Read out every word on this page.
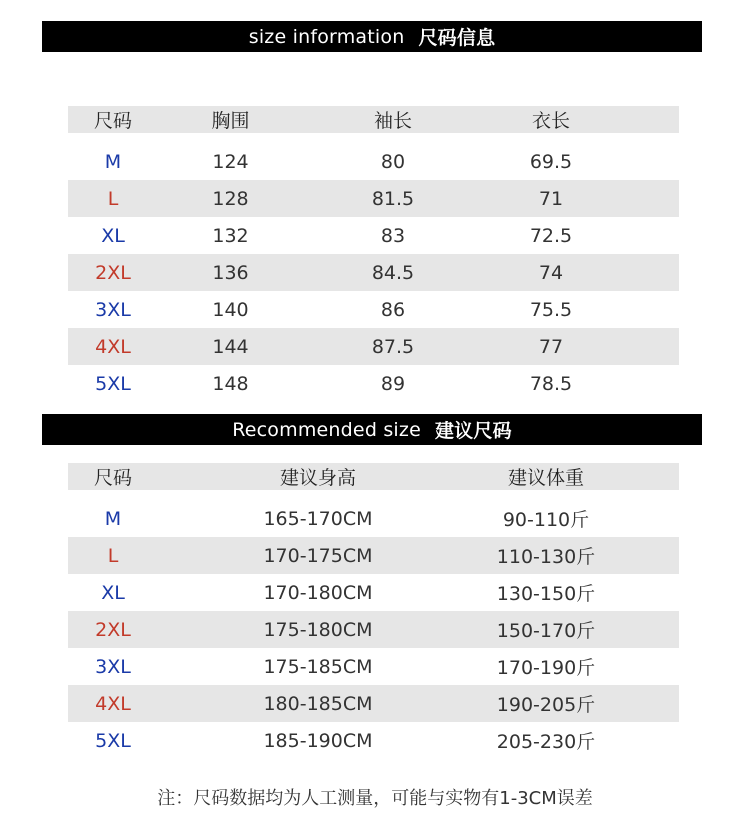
size information 尺码信息
尺码	胸围	袖长	衣长	
M	124	80	69.5	
L	128	81.5	71	
XL	132	83	72.5	
2XL	136	84.5	74	
3XL	140	86	75.5	
4XL	144	87.5	77	
5XL	148	89	78.5	
Recommended size 建议尺码
尺码	建议身高	建议体重	
M	165-170CM	90-110斤	
L	170-175CM	110-130斤	
XL	170-180CM	130-150斤	
2XL	175-180CM	150-170斤	
3XL	175-185CM	170-190斤	
4XL	180-185CM	190-205斤	
5XL	185-190CM	205-230斤	
注：尺码数据均为人工测量，可能与实物有1-3CM误差
